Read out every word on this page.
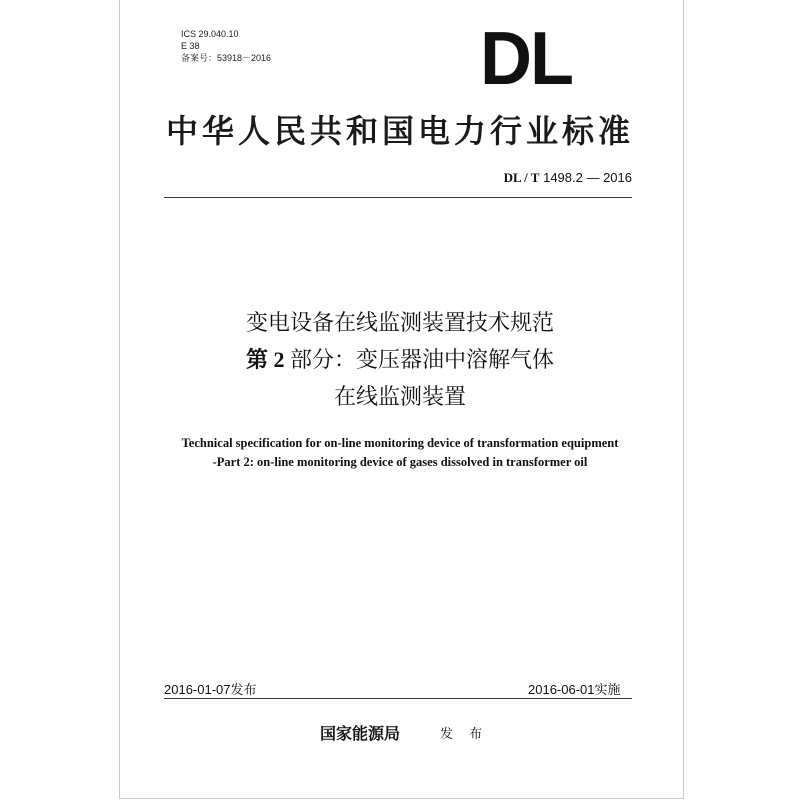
ICS 29.040.10
E 38
备案号：53918－2016	DL
中华人民共和国电力行业标准
DL / T 1498.2 — 2016
变电设备在线监测装置技术规范
第 2 部分：变压器油中溶解气体
在线监测装置
Technical specification for on-line monitoring device of transformation equipment
-Part 2: on-line monitoring device of gases dissolved in transformer oil
2016-01-07发布	2016-06-01实施
国家能源局	发 布
